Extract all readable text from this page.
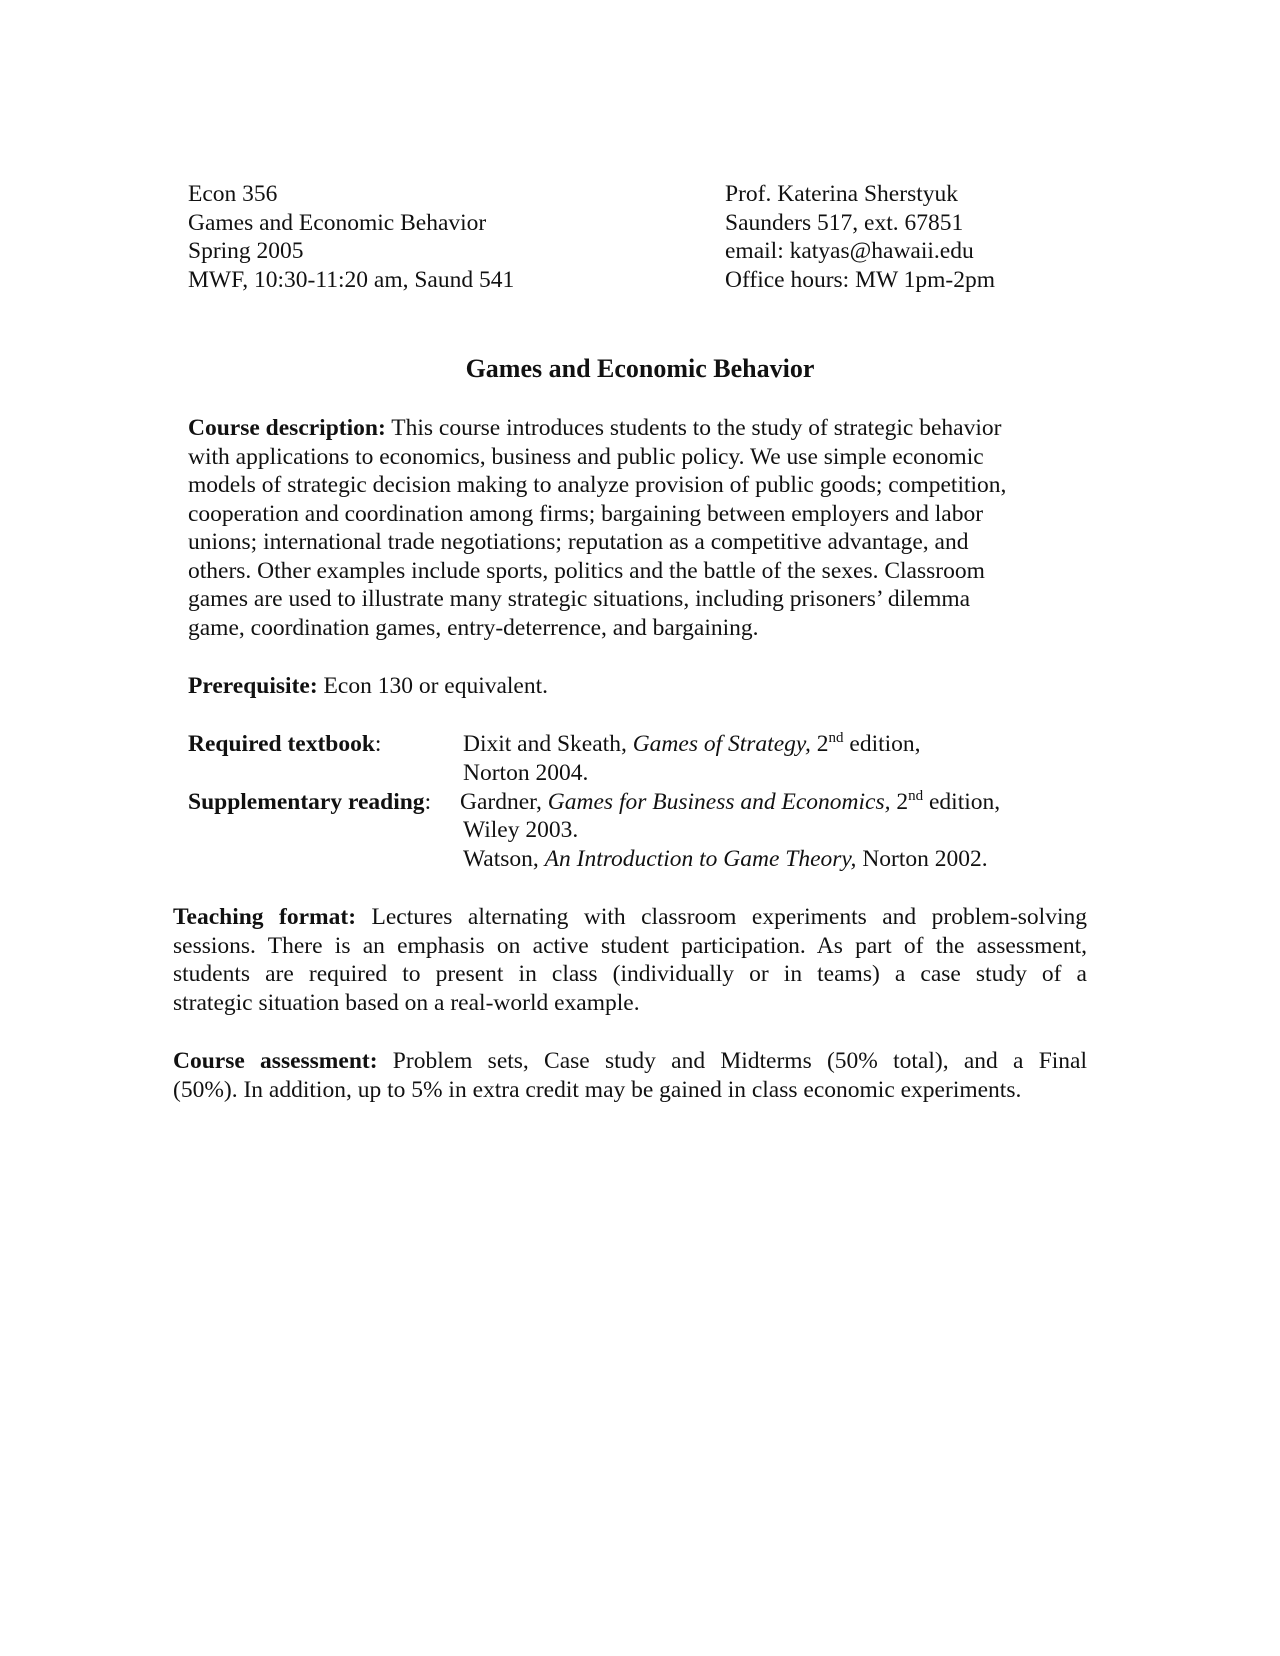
Econ 356
Games and Economic Behavior
Spring 2005
MWF, 10:30-11:20 am, Saund 541
Prof. Katerina Sherstyuk
Saunders 517, ext. 67851
email: katyas@hawaii.edu
Office hours: MW 1pm-2pm
Games and Economic Behavior
Course description: This course introduces students to the study of strategic behavior
with applications to economics, business and public policy. We use simple economic
models of strategic decision making to analyze provision of public goods; competition,
cooperation and coordination among firms; bargaining between employers and labor
unions; international trade negotiations; reputation as a competitive advantage, and
others. Other examples include sports, politics and the battle of the sexes. Classroom
games are used to illustrate many strategic situations, including prisoners’ dilemma
game, coordination games, entry-deterrence, and bargaining.
Prerequisite: Econ 130 or equivalent.
Required textbook:	Dixit and Skeath, Games of Strategy, 2nd edition,
Norton 2004.
Supplementary reading: Gardner, Games for Business and Economics, 2nd edition,
Wiley 2003.
Watson, An Introduction to Game Theory, Norton 2002.
Teaching format: Lectures alternating with classroom experiments and problem-solving
sessions. There is an emphasis on active student participation. As part of the assessment,
students are required to present in class (individually or in teams) a case study of a
strategic situation based on a real-world example.
Course assessment: Problem sets, Case study and Midterms (50% total), and a Final
(50%). In addition, up to 5% in extra credit may be gained in class economic experiments.
